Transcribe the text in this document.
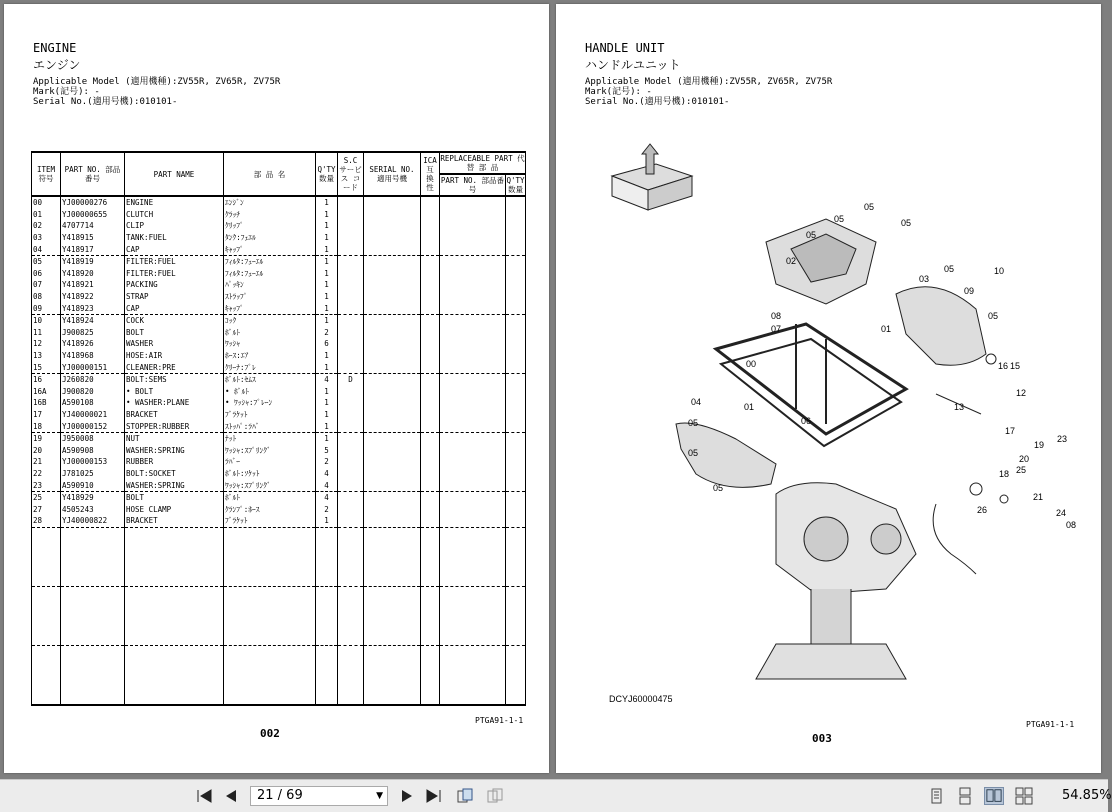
ENGINE
エンジン
Applicable Model (適用機種):ZV55R, ZV65R, ZV75R
Mark(記号): -
Serial No.(適用号機):010101-
ITEM 符号	PART NO. 部品番号	PART NAME	部 品 名	Q'TY 数量	S.C サービス コード	SERIAL NO. 適用号機	ICA 互 換 性	REPLACEABLE PART 代 替 部 品	
								PART NO. 部品番号	Q'TY 数量
00	YJ00000276	ENGINE	ｴﾝｼﾞﾝ	1					
01	YJ00000655	CLUTCH	ｸﾗｯﾁ	1					
02	4707714	CLIP	ｸﾘｯﾌﾟ	1					
03	Y418915	TANK:FUEL	ﾀﾝｸ:ﾌｪｴﾙ	1					
04	Y418917	CAP	ｷｬｯﾌﾟ	1					
05	Y418919	FILTER:FUEL	ﾌｨﾙﾀ:ﾌｪｰｴﾙ	1					
06	Y418920	FILTER:FUEL	ﾌｨﾙﾀ:ﾌｪｰｴﾙ	1					
07	Y418921	PACKING	ﾊﾟｯｷﾝ	1					
08	Y418922	STRAP	ｽﾄﾗｯﾌﾟ	1					
09	Y418923	CAP	ｷｬｯﾌﾟ	1					
10	Y418924	COCK	ｺｯｸ	1					
11	J900825	BOLT	ﾎﾞﾙﾄ	2					
12	Y418926	WASHER	ﾜｯｼｬ	6					
13	Y418968	HOSE:AIR	ﾎｰｽ:ｴｱ	1					
15	YJ00000151	CLEANER:PRE	ｸﾘｰﾅ:ﾌﾟﾚ	1					
16	J260820	BOLT:SEMS	ﾎﾞﾙﾄ:ｾﾑｽ	4	D				
16A	J900820	• BOLT	• ﾎﾞﾙﾄ	1					
16B	A590108	• WASHER:PLANE	• ﾜｯｼｬ:ﾌﾟﾚｰﾝ	1					
17	YJ40000021	BRACKET	ﾌﾞﾗｹｯﾄ	1					
18	YJ00000152	STOPPER:RUBBER	ｽﾄｯﾊﾟ:ﾗﾊﾞ	1					
19	J950008	NUT	ﾅｯﾄ	1					
20	A590908	WASHER:SPRING	ﾜｯｼｬ:ｽﾌﾟﾘﾝｸﾞ	5					
21	YJ00000153	RUBBER	ﾗﾊﾞｰ	2					
22	J781025	BOLT:SOCKET	ﾎﾞﾙﾄ:ｿｹｯﾄ	4					
23	A590910	WASHER:SPRING	ﾜｯｼｬ:ｽﾌﾟﾘﾝｸﾞ	4					
25	Y418929	BOLT	ﾎﾞﾙﾄ	4					
27	4505243	HOSE CLAMP	ｸﾗﾝﾌﾟ:ﾎｰｽ	2					
28	YJ40000822	BRACKET	ﾌﾞﾗｹｯﾄ	1					

PTGA91-1-1
002
HANDLE UNIT
ハンドルユニット
Applicable Model (適用機種):ZV55R, ZV65R, ZV75R
Mark(記号): -
Serial No.(適用号機):010101-
05
05
05
05
02
03
05
09
10
05
08
07	01
00	16 15
12
13
17
04	01
06
05
05
05
20
19
23
18 25
21
24
08
26
DCYJ60000475
PTGA91-1-1
003
21 / 69	▼	54.85%
